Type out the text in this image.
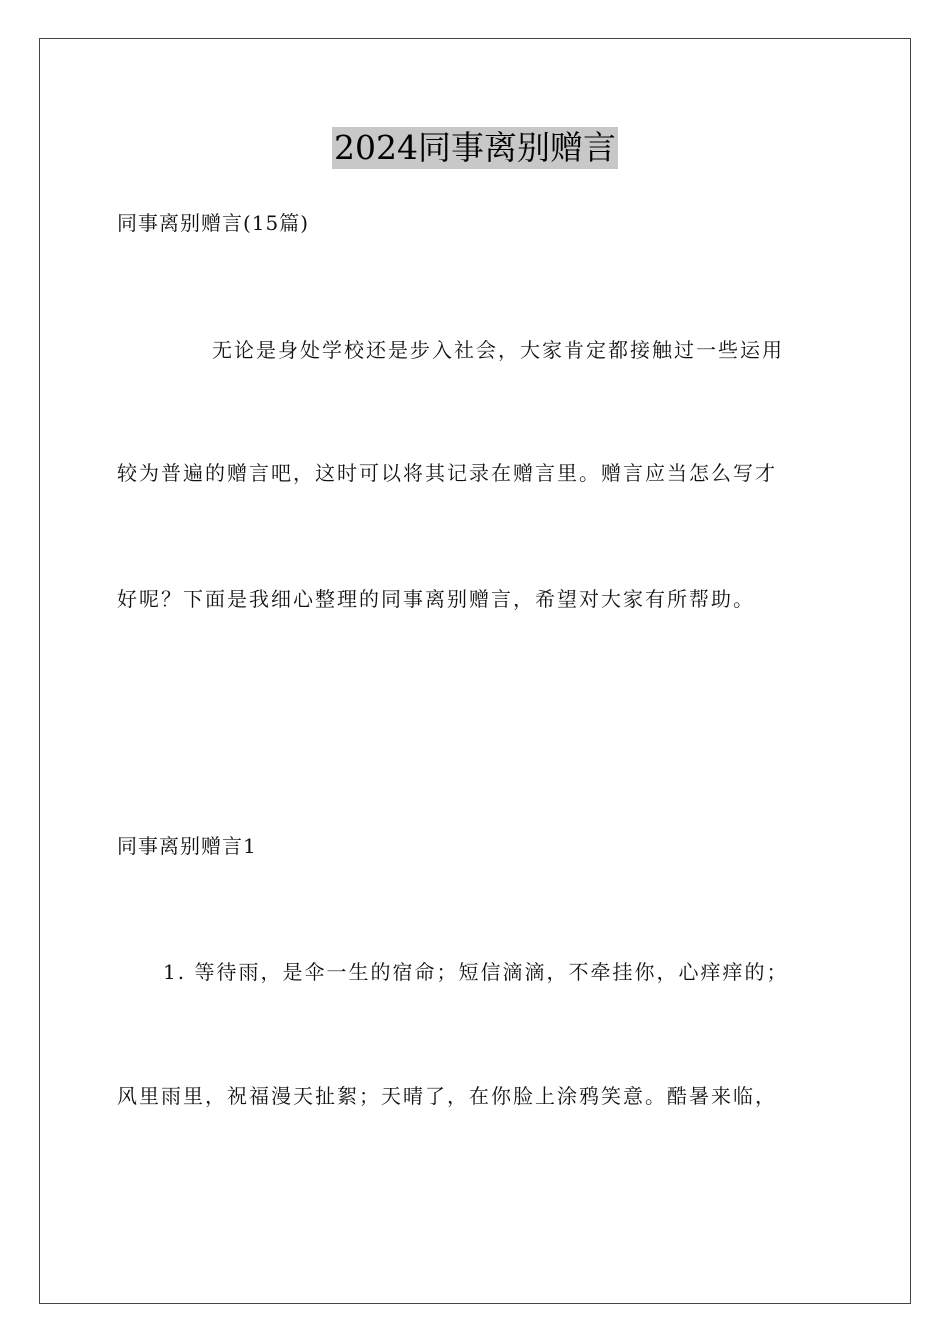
2024同事离别赠言
同事离别赠言(15篇)
无论是身处学校还是步入社会，大家肯定都接触过一些运用
较为普遍的赠言吧，这时可以将其记录在赠言里。赠言应当怎么写才
好呢？下面是我细心整理的同事离别赠言，希望对大家有所帮助。
同事离别赠言1
1. 等待雨，是伞一生的宿命；短信滴滴，不牵挂你，心痒痒的；
风里雨里，祝福漫天扯絮；天晴了，在你脸上涂鸦笑意。酷暑来临，
